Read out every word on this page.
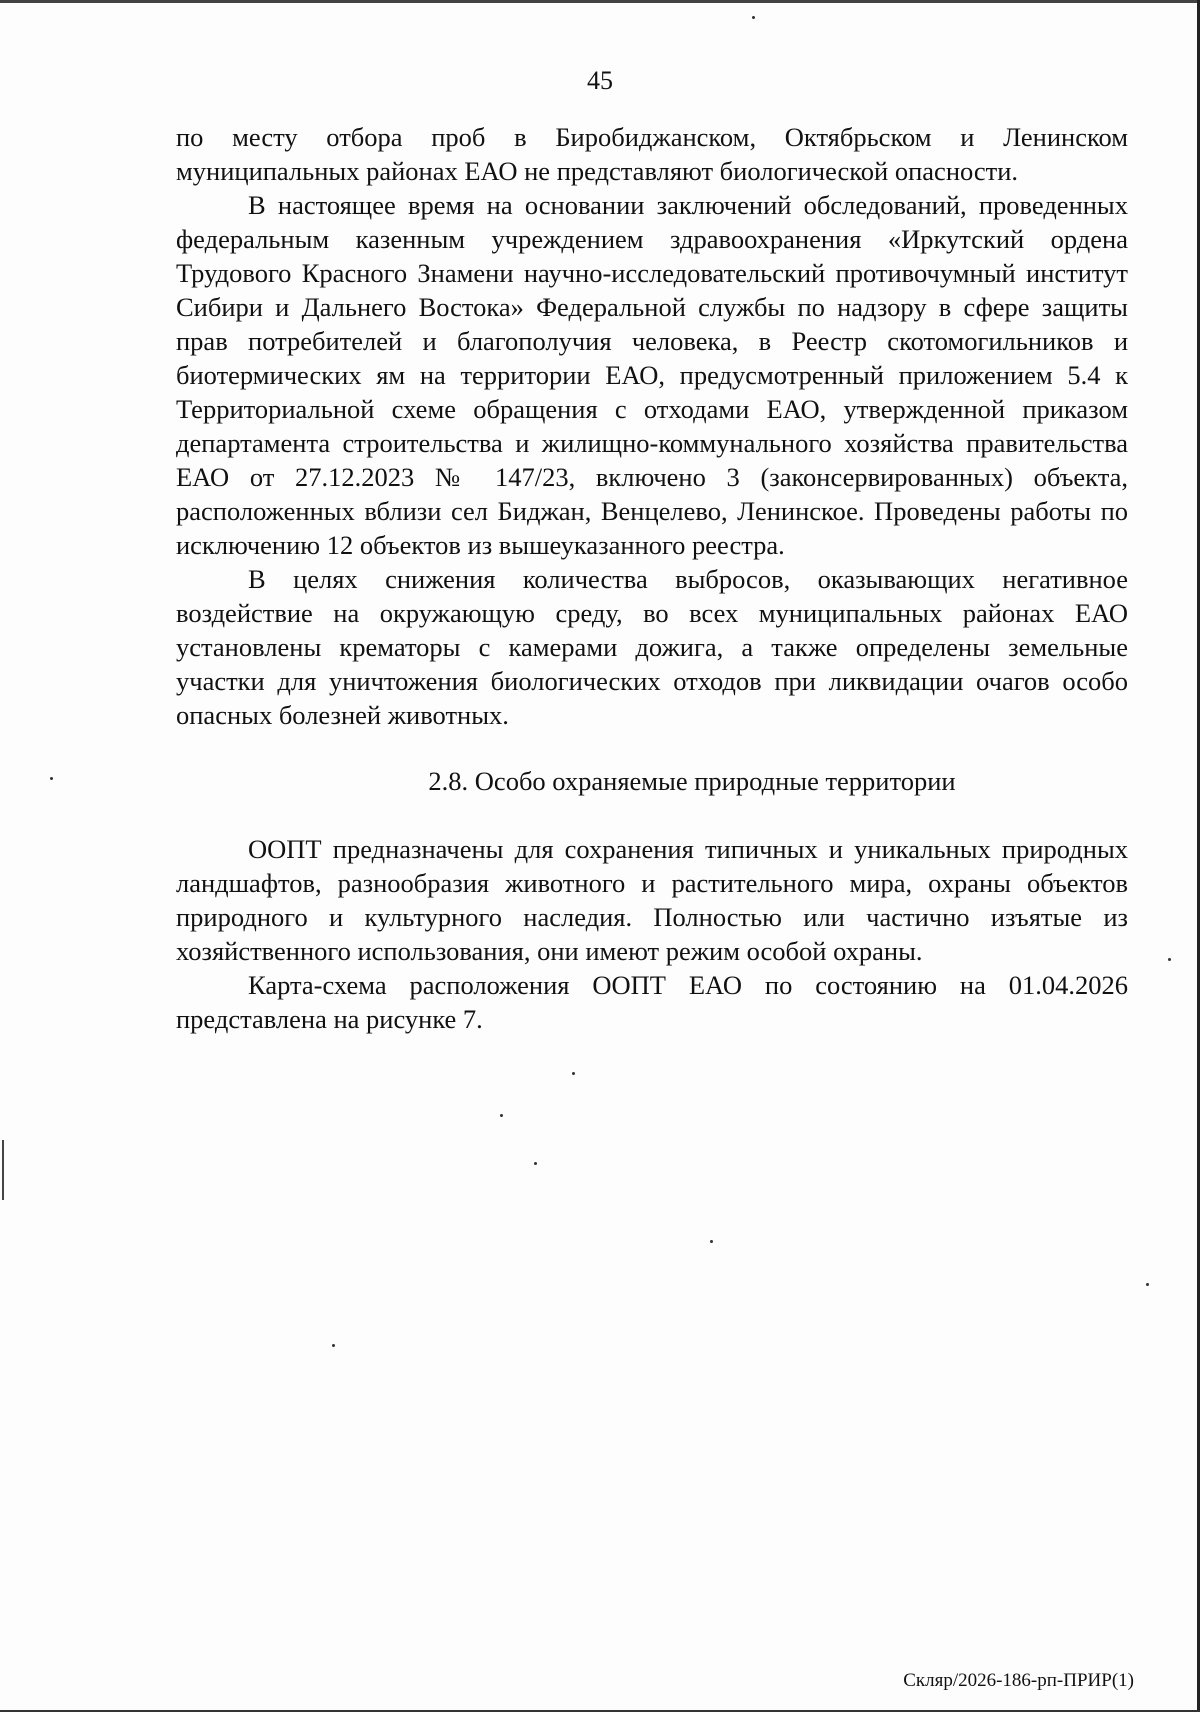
45

по месту отбора проб в Биробиджанском, Октябрьском и Ленинском муниципальных районах ЕАО не представляют биологической опасности.

В настоящее время на основании заключений обследований, проведенных федеральным казенным учреждением здравоохранения «Иркутский ордена Трудового Красного Знамени научно-исследовательский противочумный институт Сибири и Дальнего Востока» Федеральной службы по надзору в сфере защиты прав потребителей и благополучия человека, в Реестр скотомогильников и биотермических ям на территории ЕАО, предусмотренный приложением 5.4 к Территориальной схеме обращения с отходами ЕАО, утвержденной приказом департамента строительства и жилищно-коммунального хозяйства правительства ЕАО от 27.12.2023 № 147/23, включено 3 (законсервированных) объекта, расположенных вблизи сел Биджан, Венцелево, Ленинское. Проведены работы по исключению 12 объектов из вышеуказанного реестра.

В целях снижения количества выбросов, оказывающих негативное воздействие на окружающую среду, во всех муниципальных районах ЕАО установлены крематоры с камерами дожига, а также определены земельные участки для уничтожения биологических отходов при ликвидации очагов особо опасных болезней животных.

2.8. Особо охраняемые природные территории

ООПТ предназначены для сохранения типичных и уникальных природных ландшафтов, разнообразия животного и растительного мира, охраны объектов природного и культурного наследия. Полностью или частично изъятые из хозяйственного использования, они имеют режим особой охраны.

Карта-схема расположения ООПТ ЕАО по состоянию на 01.04.2026 представлена на рисунке 7.

Скляр/2026-186-рп-ПРИР(1)
